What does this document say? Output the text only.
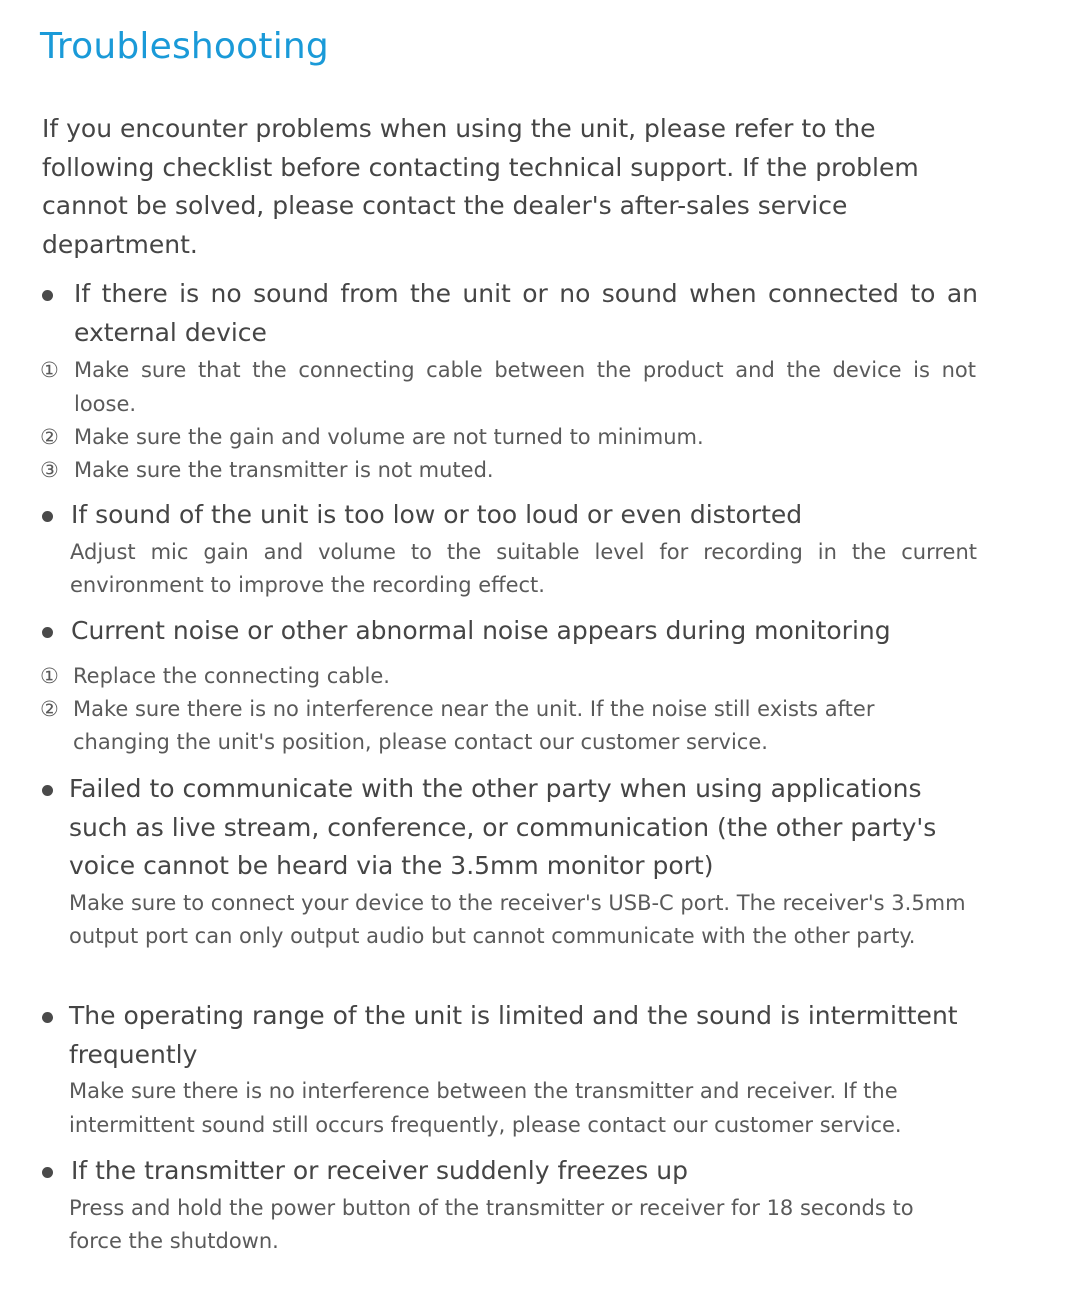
Troubleshooting

If you encounter problems when using the unit, please refer to the following checklist before contacting technical support. If the problem cannot be solved, please contact the dealer's after-sales service department.

If there is no sound from the unit or no sound when connected to an external device
① Make sure that the connecting cable between the product and the device is not loose.
② Make sure the gain and volume are not turned to minimum.
③ Make sure the transmitter is not muted.
If sound of the unit is too low or too loud or even distorted

Adjust mic gain and volume to the suitable level for recording in the current environment to improve the recording effect.

Current noise or other abnormal noise appears during monitoring
① Replace the connecting cable.
② Make sure there is no interference near the unit. If the noise still exists after changing the unit's position, please contact our customer service.
Failed to communicate with the other party when using applications such as live stream, conference, or communication (the other party's voice cannot be heard via the 3.5mm monitor port)

Make sure to connect your device to the receiver's USB-C port. The receiver's 3.5mm output port can only output audio but cannot communicate with the other party.

The operating range of the unit is limited and the sound is intermittent frequently

Make sure there is no interference between the transmitter and receiver. If the intermittent sound still occurs frequently, please contact our customer service.

If the transmitter or receiver suddenly freezes up

Press and hold the power button of the transmitter or receiver for 18 seconds to force the shutdown.
